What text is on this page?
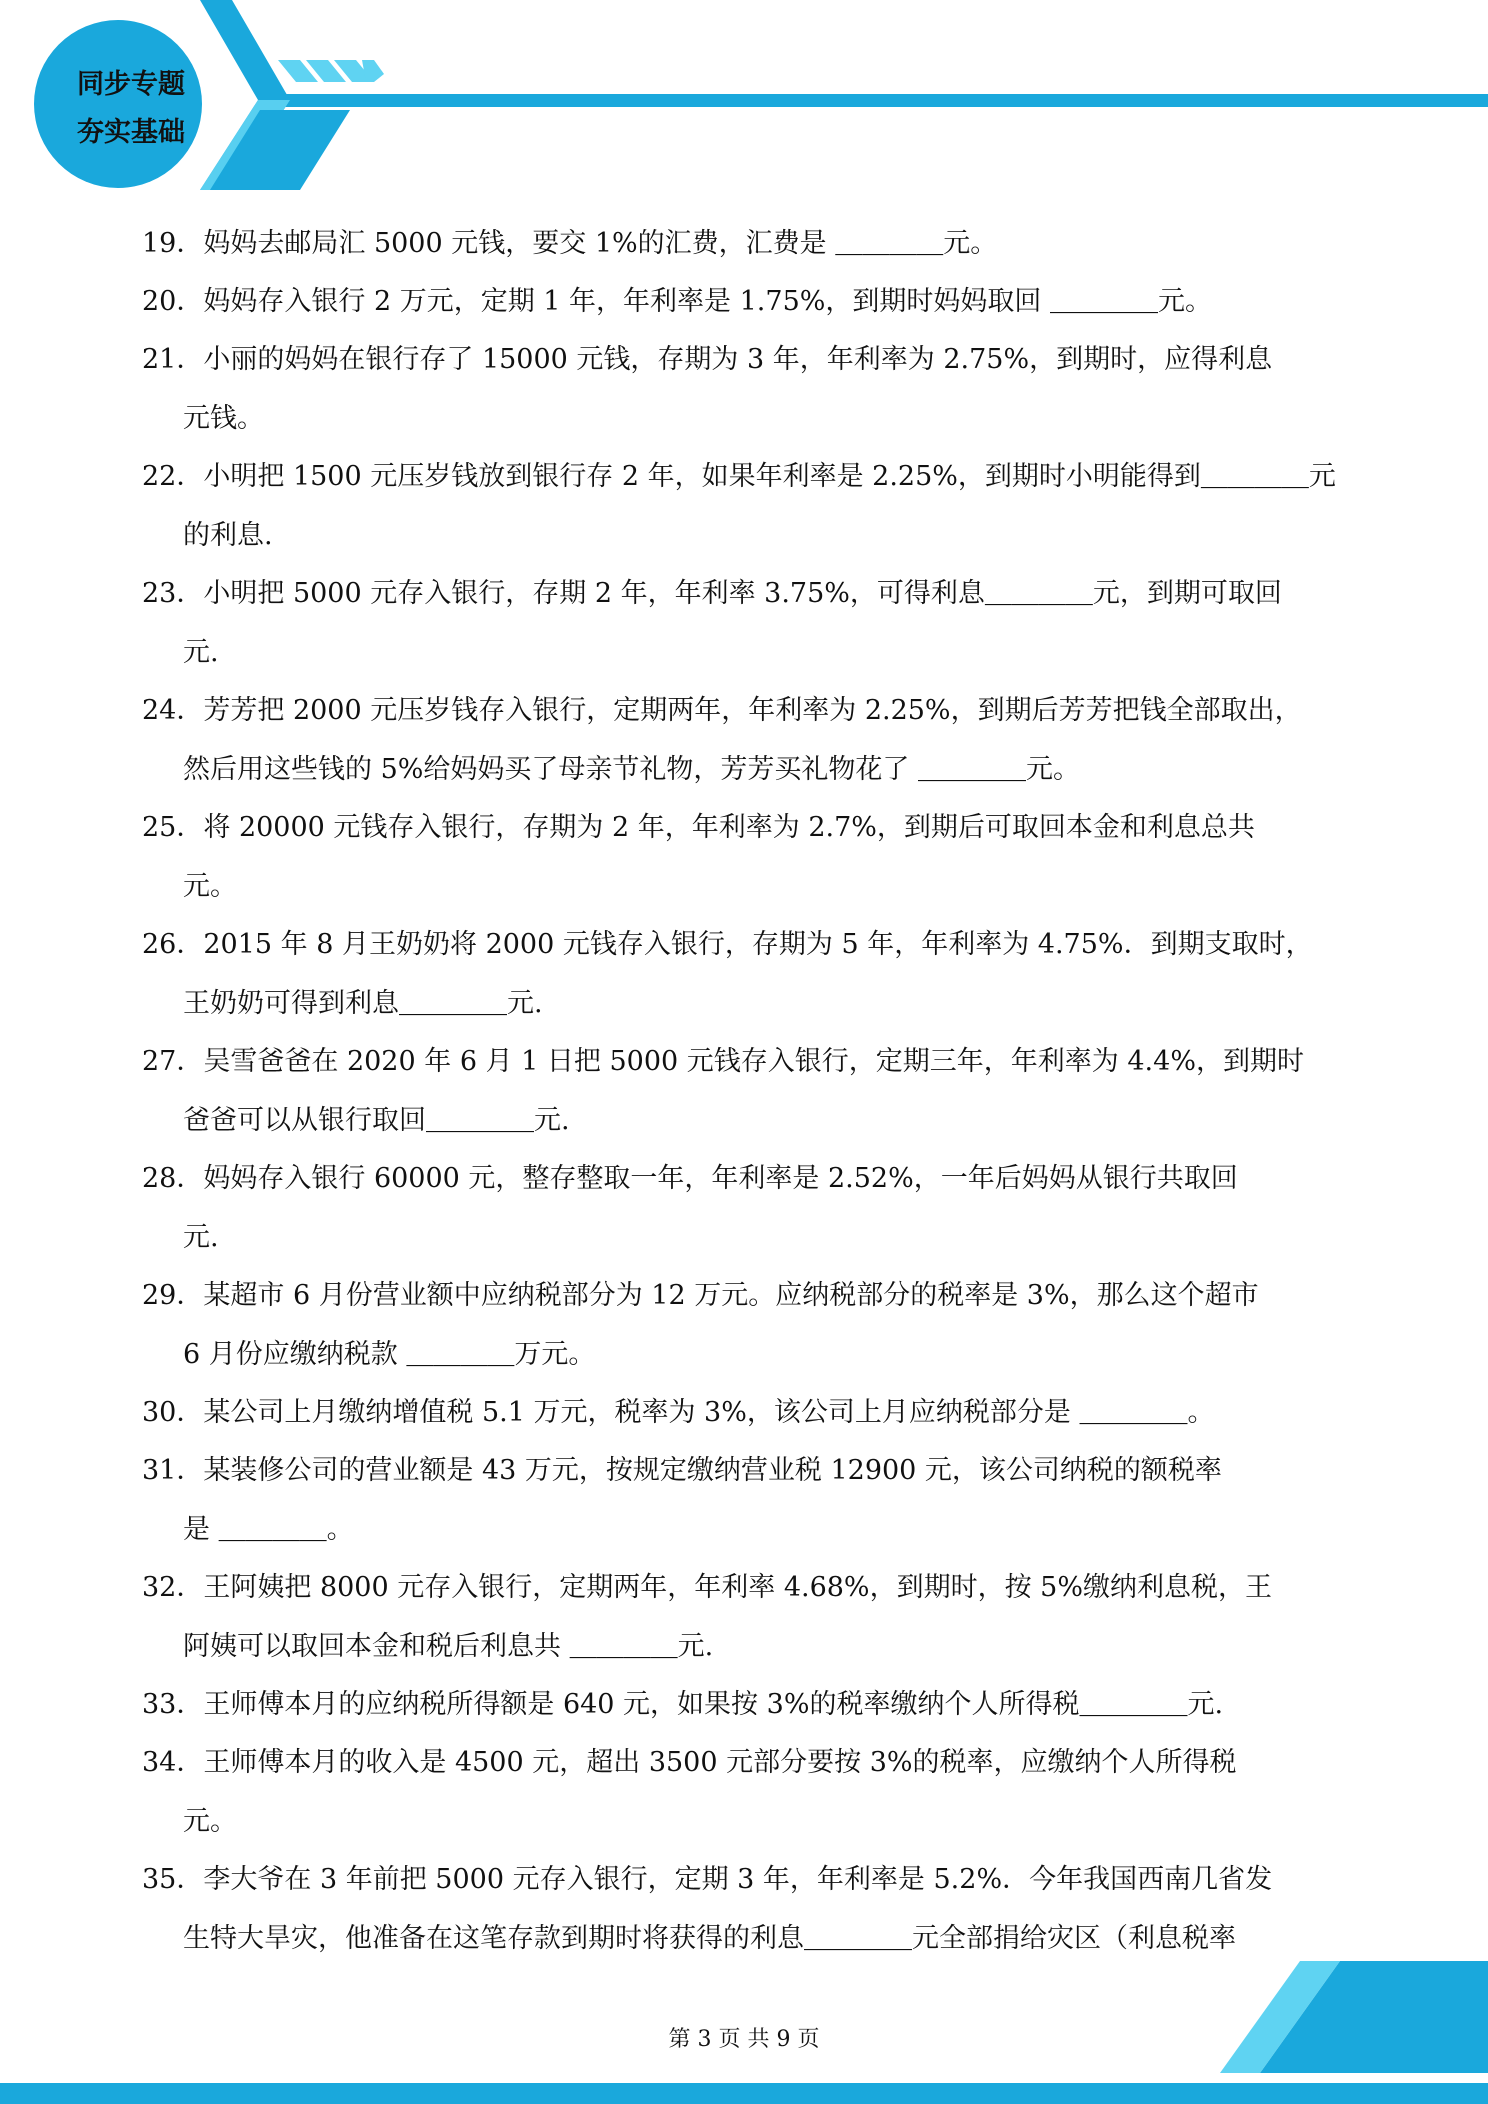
同步专题
夯实基础
19．妈妈去邮局汇 5000 元钱，要交 1%的汇费，汇费是 ＿＿＿＿元。
20．妈妈存入银行 2 万元，定期 1 年，年利率是 1.75%，到期时妈妈取回 ＿＿＿＿元。
21．小丽的妈妈在银行存了 15000 元钱，存期为 3 年，年利率为 2.75%，到期时，应得利息
元钱。
22．小明把 1500 元压岁钱放到银行存 2 年，如果年利率是 2.25%，到期时小明能得到＿＿＿＿元
的利息.
23．小明把 5000 元存入银行，存期 2 年，年利率 3.75%，可得利息＿＿＿＿元，到期可取回
元.
24．芳芳把 2000 元压岁钱存入银行，定期两年，年利率为 2.25%，到期后芳芳把钱全部取出，
然后用这些钱的 5%给妈妈买了母亲节礼物，芳芳买礼物花了 ＿＿＿＿元。
25．将 20000 元钱存入银行，存期为 2 年，年利率为 2.7%，到期后可取回本金和利息总共
元。
26．2015 年 8 月王奶奶将 2000 元钱存入银行，存期为 5 年，年利率为 4.75%．到期支取时，
王奶奶可得到利息＿＿＿＿元.
27．吴雪爸爸在 2020 年 6 月 1 日把 5000 元钱存入银行，定期三年，年利率为 4.4%，到期时
爸爸可以从银行取回＿＿＿＿元.
28．妈妈存入银行 60000 元，整存整取一年，年利率是 2.52%，一年后妈妈从银行共取回
元.
29．某超市 6 月份营业额中应纳税部分为 12 万元。应纳税部分的税率是 3%，那么这个超市
6 月份应缴纳税款 ＿＿＿＿万元。
30．某公司上月缴纳增值税 5.1 万元，税率为 3%，该公司上月应纳税部分是 ＿＿＿＿。
31．某装修公司的营业额是 43 万元，按规定缴纳营业税 12900 元，该公司纳税的额税率
是 ＿＿＿＿。
32．王阿姨把 8000 元存入银行，定期两年，年利率 4.68%，到期时，按 5%缴纳利息税，王
阿姨可以取回本金和税后利息共 ＿＿＿＿元.
33．王师傅本月的应纳税所得额是 640 元，如果按 3%的税率缴纳个人所得税＿＿＿＿元.
34．王师傅本月的收入是 4500 元，超出 3500 元部分要按 3%的税率，应缴纳个人所得税
元。
35．李大爷在 3 年前把 5000 元存入银行，定期 3 年，年利率是 5.2%．今年我国西南几省发
生特大旱灾，他准备在这笔存款到期时将获得的利息＿＿＿＿元全部捐给灾区（利息税率
第 3 页 共 9 页
